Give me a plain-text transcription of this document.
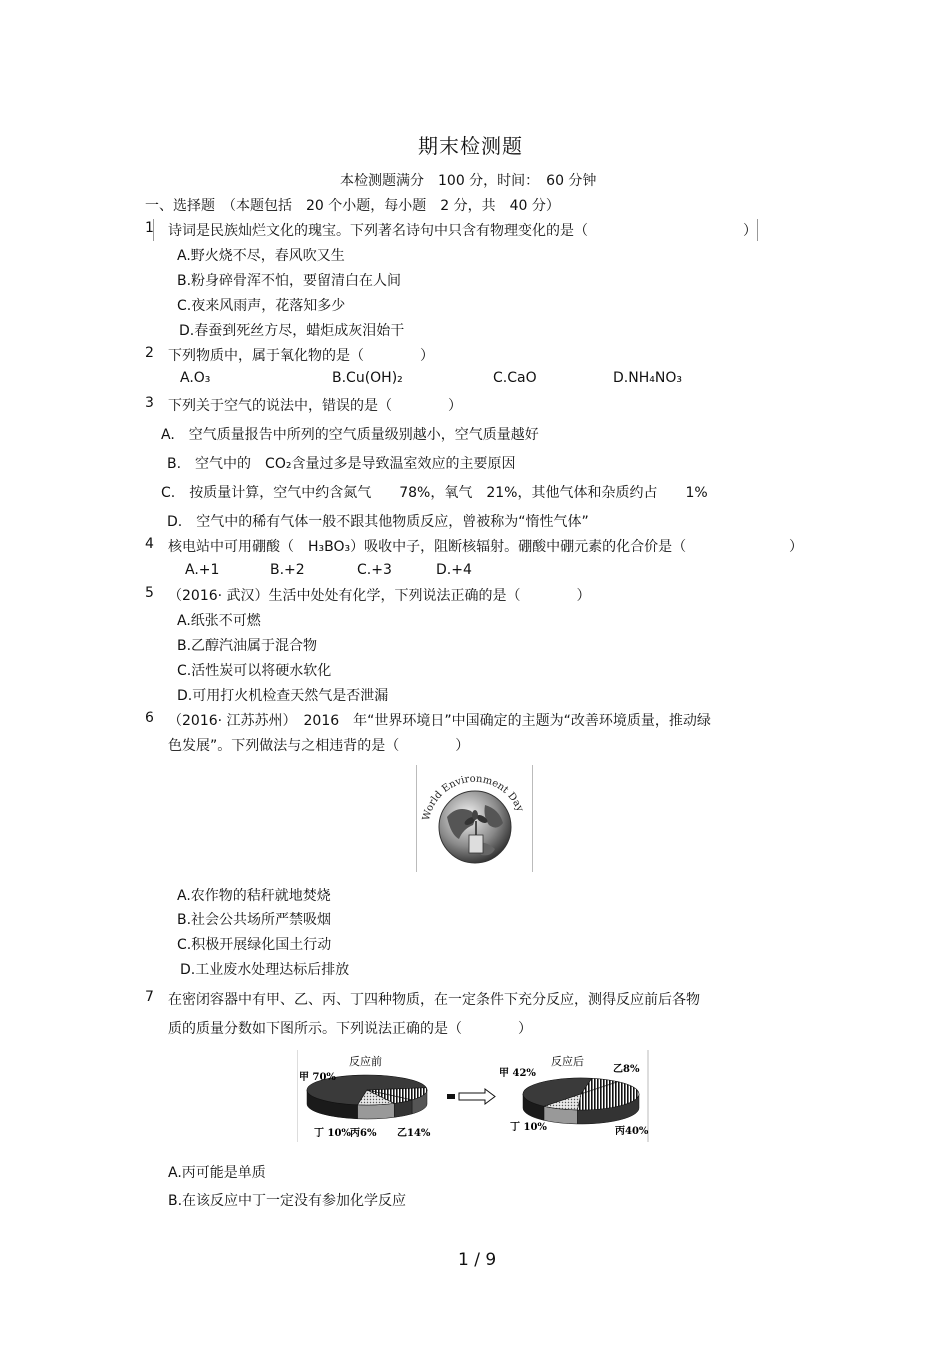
期末检测题
本检测题满分　100 分，时间：　60 分钟
一、选择题　（本题包括　20 个小题，每小题　2 分，共　40 分）
1 诗词是民族灿烂文化的瑰宝。下列著名诗句中只含有物理变化的是（	）
A.野火烧不尽，春风吹又生
B.粉身碎骨浑不怕，要留清白在人间
C.夜来风雨声，花落知多少
D.春蚕到死丝方尽，蜡炬成灰泪始干
2 下列物质中，属于氧化物的是（　　　　）
A.O₃	B.Cu(OH)₂	C.CaO	D.NH₄NO₃
3 下列关于空气的说法中，错误的是（　　　　）
A.　空气质量报告中所列的空气质量级别越小，空气质量越好
B.　空气中的　CO₂含量过多是导致温室效应的主要原因
C.　按质量计算，空气中约含氮气　　78%，氧气　21%，其他气体和杂质约占　　1%
D.　空气中的稀有气体一般不跟其他物质反应，曾被称为“惰性气体”
4 核电站中可用硼酸（　H₃BO₃）吸收中子，阻断核辐射。硼酸中硼元素的化合价是（	）
A.+1	B.+2	C.+3	D.+4
5 （2016· 武汉）生活中处处有化学，下列说法正确的是（　　　　）
A.纸张不可燃
B.乙醇汽油属于混合物
C.活性炭可以将硬水软化
D.可用打火机检查天然气是否泄漏
6 （2016· 江苏苏州）　2016　年“世界环境日”中国确定的主题为“改善环境质量，推动绿
色发展”。下列做法与之相违背的是（　　　　）
World Environment Day
A.农作物的秸秆就地焚烧
B.社会公共场所严禁吸烟
C.积极开展绿化国土行动
D.工业废水处理达标后排放
7 在密闭容器中有甲、乙、丙、丁四种物质，在一定条件下充分反应，测得反应前后各物
质的质量分数如下图所示。下列说法正确的是（　　　　）
反应前
甲 70%
乙14%
丙6%
丁 10%
反应后
甲 42%	乙8%
丙40%
丁 10%
A.丙可能是单质
B.在该反应中丁一定没有参加化学反应
1 / 9
